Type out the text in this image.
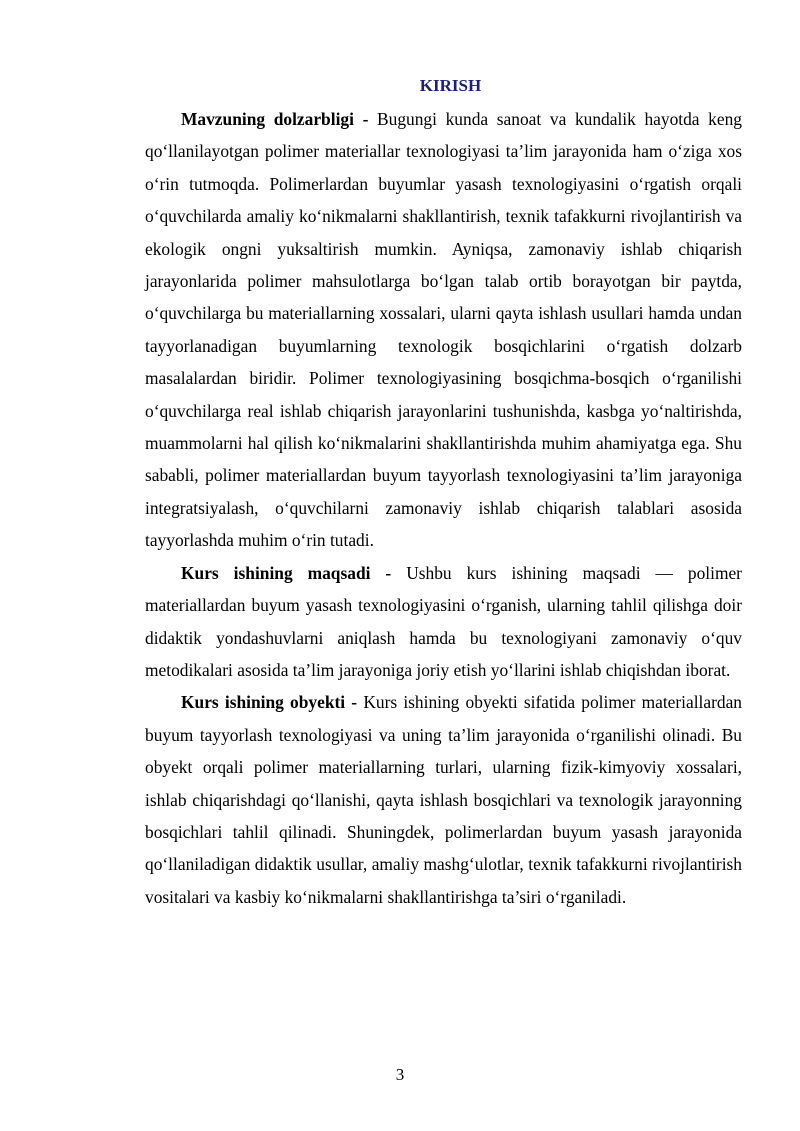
KIRISH

Mavzuning dolzarbligi - Bugungi kunda sanoat va kundalik hayotda keng qo‘llanilayotgan polimer materiallar texnologiyasi ta’lim jarayonida ham o‘ziga xos o‘rin tutmoqda. Polimerlardan buyumlar yasash texnologiyasini o‘rgatish orqali o‘quvchilarda amaliy ko‘nikmalarni shakllantirish, texnik tafakkurni rivojlantirish va ekologik ongni yuksaltirish mumkin. Ayniqsa, zamonaviy ishlab chiqarish jarayonlarida polimer mahsulotlarga bo‘lgan talab ortib borayotgan bir paytda, o‘quvchilarga bu materiallarning xossalari, ularni qayta ishlash usullari hamda undan tayyorlanadigan buyumlarning texnologik bosqichlarini o‘rgatish dolzarb masalalardan biridir. Polimer texnologiyasining bosqichma-bosqich o‘rganilishi o‘quvchilarga real ishlab chiqarish jarayonlarini tushunishda, kasbga yo‘naltirishda, muammolarni hal qilish ko‘nikmalarini shakllantirishda muhim ahamiyatga ega. Shu sababli, polimer materiallardan buyum tayyorlash texnologiyasini ta’lim jarayoniga integratsiyalash, o‘quvchilarni zamonaviy ishlab chiqarish talablari asosida tayyorlashda muhim o‘rin tutadi.

Kurs ishining maqsadi - Ushbu kurs ishining maqsadi — polimer materiallardan buyum yasash texnologiyasini o‘rganish, ularning tahlil qilishga doir didaktik yondashuvlarni aniqlash hamda bu texnologiyani zamonaviy o‘quv metodikalari asosida ta’lim jarayoniga joriy etish yo‘llarini ishlab chiqishdan iborat.

Kurs ishining obyekti - Kurs ishining obyekti sifatida polimer materiallardan buyum tayyorlash texnologiyasi va uning ta’lim jarayonida o‘rganilishi olinadi. Bu obyekt orqali polimer materiallarning turlari, ularning fizik-kimyoviy xossalari, ishlab chiqarishdagi qo‘llanishi, qayta ishlash bosqichlari va texnologik jarayonning bosqichlari tahlil qilinadi. Shuningdek, polimerlardan buyum yasash jarayonida qo‘llaniladigan didaktik usullar, amaliy mashg‘ulotlar, texnik tafakkurni rivojlantirish vositalari va kasbiy ko‘nikmalarni shakllantirishga ta’siri o‘rganiladi.

3
